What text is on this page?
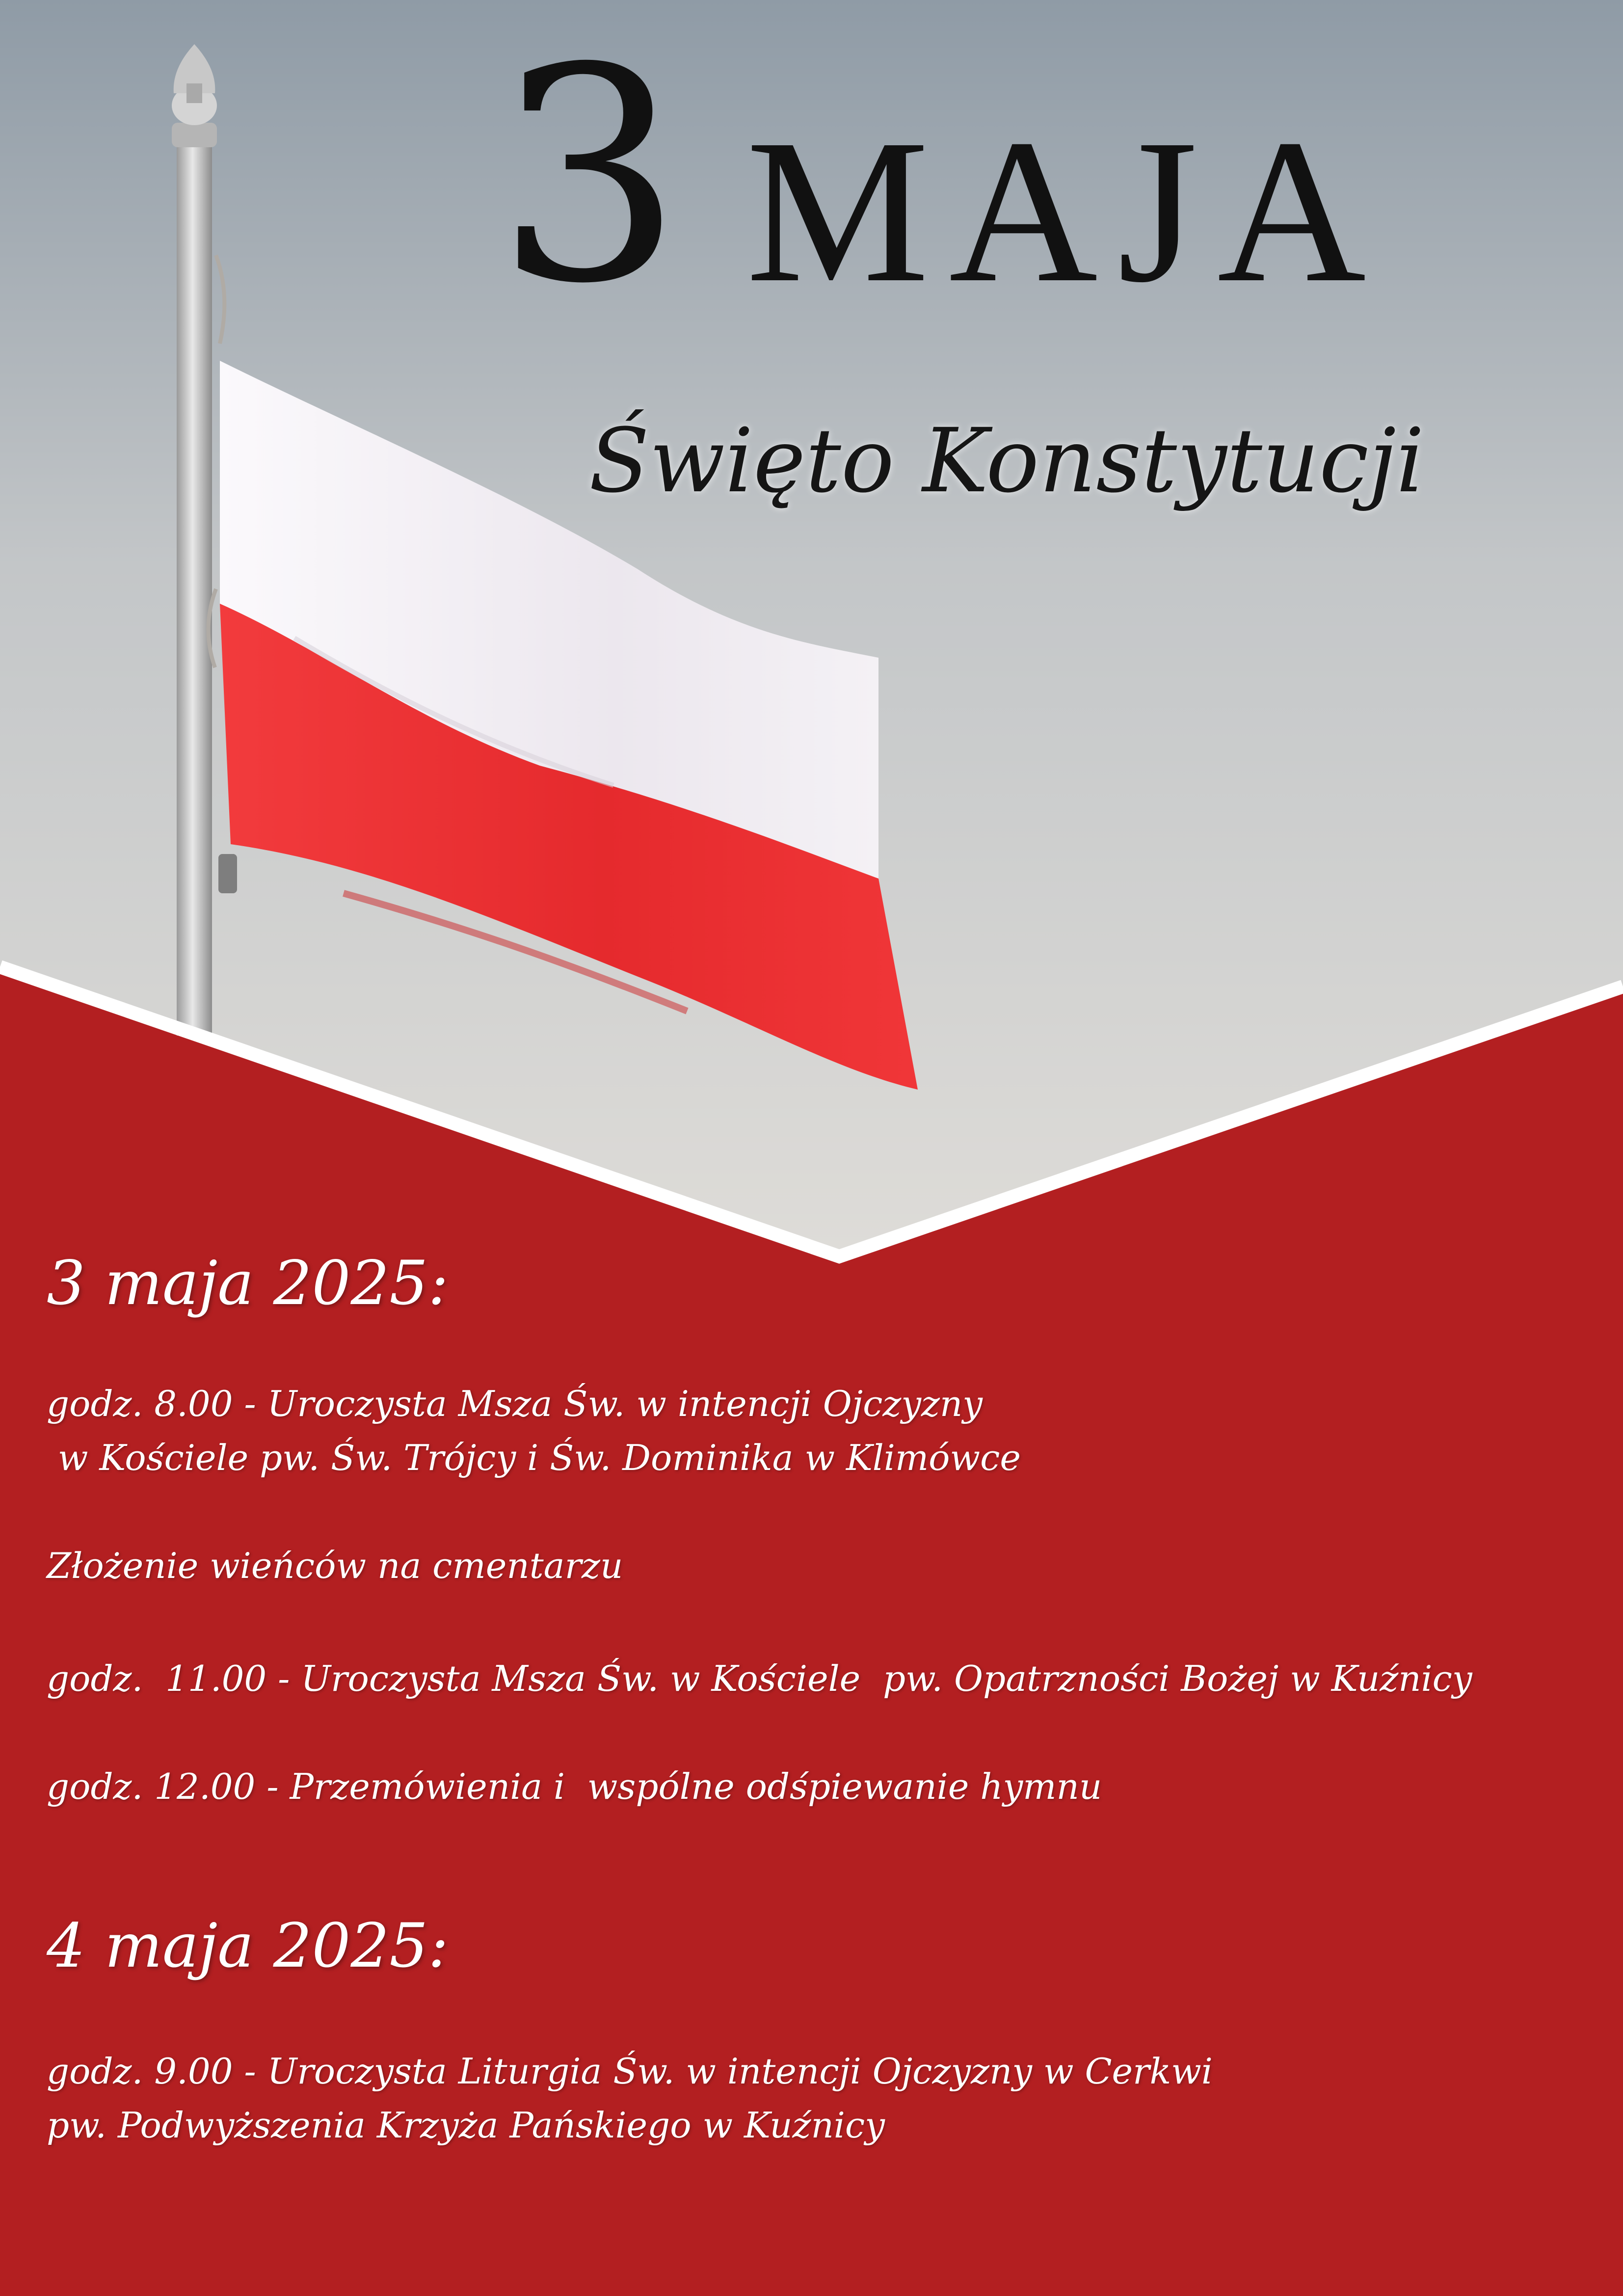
3 MAJA
Święto Konstytucji
3 maja 2025:
godz. 8.00 - Uroczysta Msza Św. w intencji Ojczyzny
w Kościele pw. Św. Trójcy i Św. Dominika w Klimówce
Złożenie wieńców na cmentarzu
godz.  11.00 - Uroczysta Msza Św. w Kościele  pw. Opatrzności Bożej w Kuźnicy
godz. 12.00 - Przemówienia i  wspólne odśpiewanie hymnu
4 maja 2025:
godz. 9.00 - Uroczysta Liturgia Św. w intencji Ojczyzny w Cerkwi
pw. Podwyższenia Krzyża Pańskiego w Kuźnicy
